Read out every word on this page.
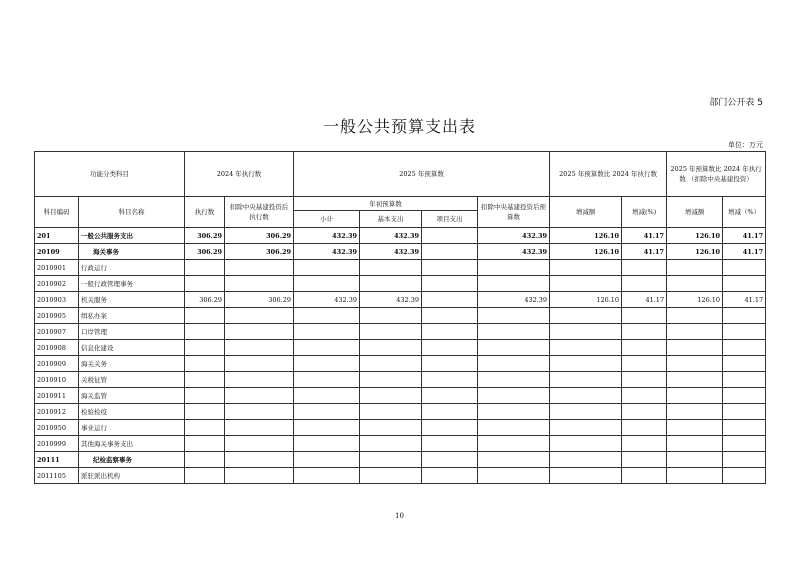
部门公开表 5
一般公共预算支出表
单位：万元
功能分类科目		2024 年执行数		2025 年预算数				2025 年预算数比 2024 年执行数		2025 年预算数比 2024 年执行数 （扣除中央基建投资）	
科目编码	科目名称	执行数	扣除中央基建投资后执行数	年初预算数			扣除中央基建投资后预算数	增减额	增减(%)	增减额	增减（%）
				小计	基本支出	项目支出					
201	一般公共服务支出	306.29	306.29	432.39	432.39		432.39	126.10	41.17	126.10	41.17
20109	海关事务	306.29	306.29	432.39	432.39		432.39	126.10	41.17	126.10	41.17
2010901	行政运行										
2010902	一般行政管理事务										
2010903	机关服务	306.29	306.29	432.39	432.39		432.39	126.10	41.17	126.10	41.17
2010905	缉私办案										
2010907	口岸管理										
2010908	信息化建设										
2010909	海关关务										
2010910	关税征管										
2010911	海关监管										
2010912	检验检疫										
2010950	事业运行										
2010999	其他海关事务支出										
20111	纪检监察事务										
2011105	派驻派出机构										
10
